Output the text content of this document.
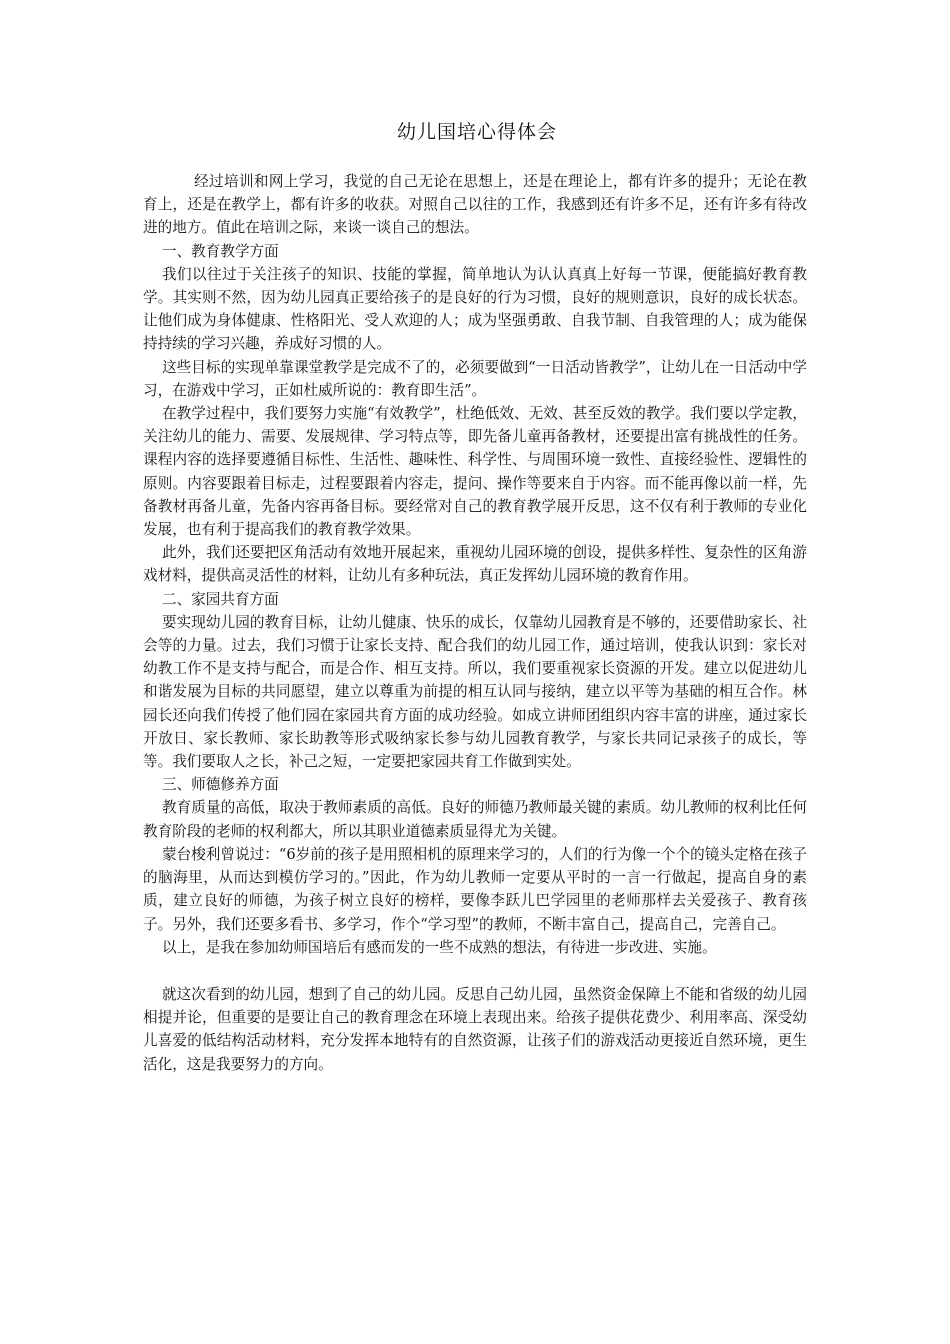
幼儿国培心得体会

经过培训和网上学习，我觉的自己无论在思想上，还是在理论上，都有许多的提升；无论在教育上，还是在教学上，都有许多的收获。对照自己以往的工作，我感到还有许多不足，还有许多有待改进的地方。值此在培训之际，来谈一谈自己的想法。

一、教育教学方面

我们以往过于关注孩子的知识、技能的掌握，简单地认为认认真真上好每一节课，便能搞好教育教学。其实则不然，因为幼儿园真正要给孩子的是良好的行为习惯，良好的规则意识，良好的成长状态。让他们成为身体健康、性格阳光、受人欢迎的人；成为坚强勇敢、自我节制、自我管理的人；成为能保持持续的学习兴趣，养成好习惯的人。

这些目标的实现单靠课堂教学是完成不了的，必须要做到“一日活动皆教学”，让幼儿在一日活动中学习，在游戏中学习，正如杜威所说的：教育即生活”。

在教学过程中，我们要努力实施“有效教学”，杜绝低效、无效、甚至反效的教学。我们要以学定教，关注幼儿的能力、需要、发展规律、学习特点等，即先备儿童再备教材，还要提出富有挑战性的任务。课程内容的选择要遵循目标性、生活性、趣味性、科学性、与周围环境一致性、直接经验性、逻辑性的原则。内容要跟着目标走，过程要跟着内容走，提问、操作等要来自于内容。而不能再像以前一样，先备教材再备儿童，先备内容再备目标。要经常对自己的教育教学展开反思，这不仅有利于教师的专业化发展，也有利于提高我们的教育教学效果。

此外，我们还要把区角活动有效地开展起来，重视幼儿园环境的创设，提供多样性、复杂性的区角游戏材料，提供高灵活性的材料，让幼儿有多种玩法，真正发挥幼儿园环境的教育作用。

二、家园共育方面

要实现幼儿园的教育目标，让幼儿健康、快乐的成长，仅靠幼儿园教育是不够的，还要借助家长、社会等的力量。过去，我们习惯于让家长支持、配合我们的幼儿园工作，通过培训，使我认识到：家长对幼教工作不是支持与配合，而是合作、相互支持。所以，我们要重视家长资源的开发。建立以促进幼儿和谐发展为目标的共同愿望，建立以尊重为前提的相互认同与接纳，建立以平等为基础的相互合作。林园长还向我们传授了他们园在家园共育方面的成功经验。如成立讲师团组织内容丰富的讲座，通过家长开放日、家长教师、家长助教等形式吸纳家长参与幼儿园教育教学，与家长共同记录孩子的成长，等等。我们要取人之长，补己之短，一定要把家园共育工作做到实处。

三、师德修养方面

教育质量的高低，取决于教师素质的高低。良好的师德乃教师最关键的素质。幼儿教师的权利比任何教育阶段的老师的权利都大，所以其职业道德素质显得尤为关键。

蒙台梭利曾说过：“6岁前的孩子是用照相机的原理来学习的，人们的行为像一个个的镜头定格在孩子的脑海里，从而达到模仿学习的。”因此，作为幼儿教师一定要从平时的一言一行做起，提高自身的素质，建立良好的师德，为孩子树立良好的榜样，要像李跃儿巴学园里的老师那样去关爱孩子、教育孩子。另外，我们还要多看书、多学习，作个“学习型”的教师，不断丰富自己，提高自己，完善自己。

以上，是我在参加幼师国培后有感而发的一些不成熟的想法，有待进一步改进、实施。

就这次看到的幼儿园，想到了自己的幼儿园。反思自己幼儿园，虽然资金保障上不能和省级的幼儿园相提并论，但重要的是要让自己的教育理念在环境上表现出来。给孩子提供花费少、利用率高、深受幼儿喜爱的低结构活动材料，充分发挥本地特有的自然资源，让孩子们的游戏活动更接近自然环境，更生活化，这是我要努力的方向。
